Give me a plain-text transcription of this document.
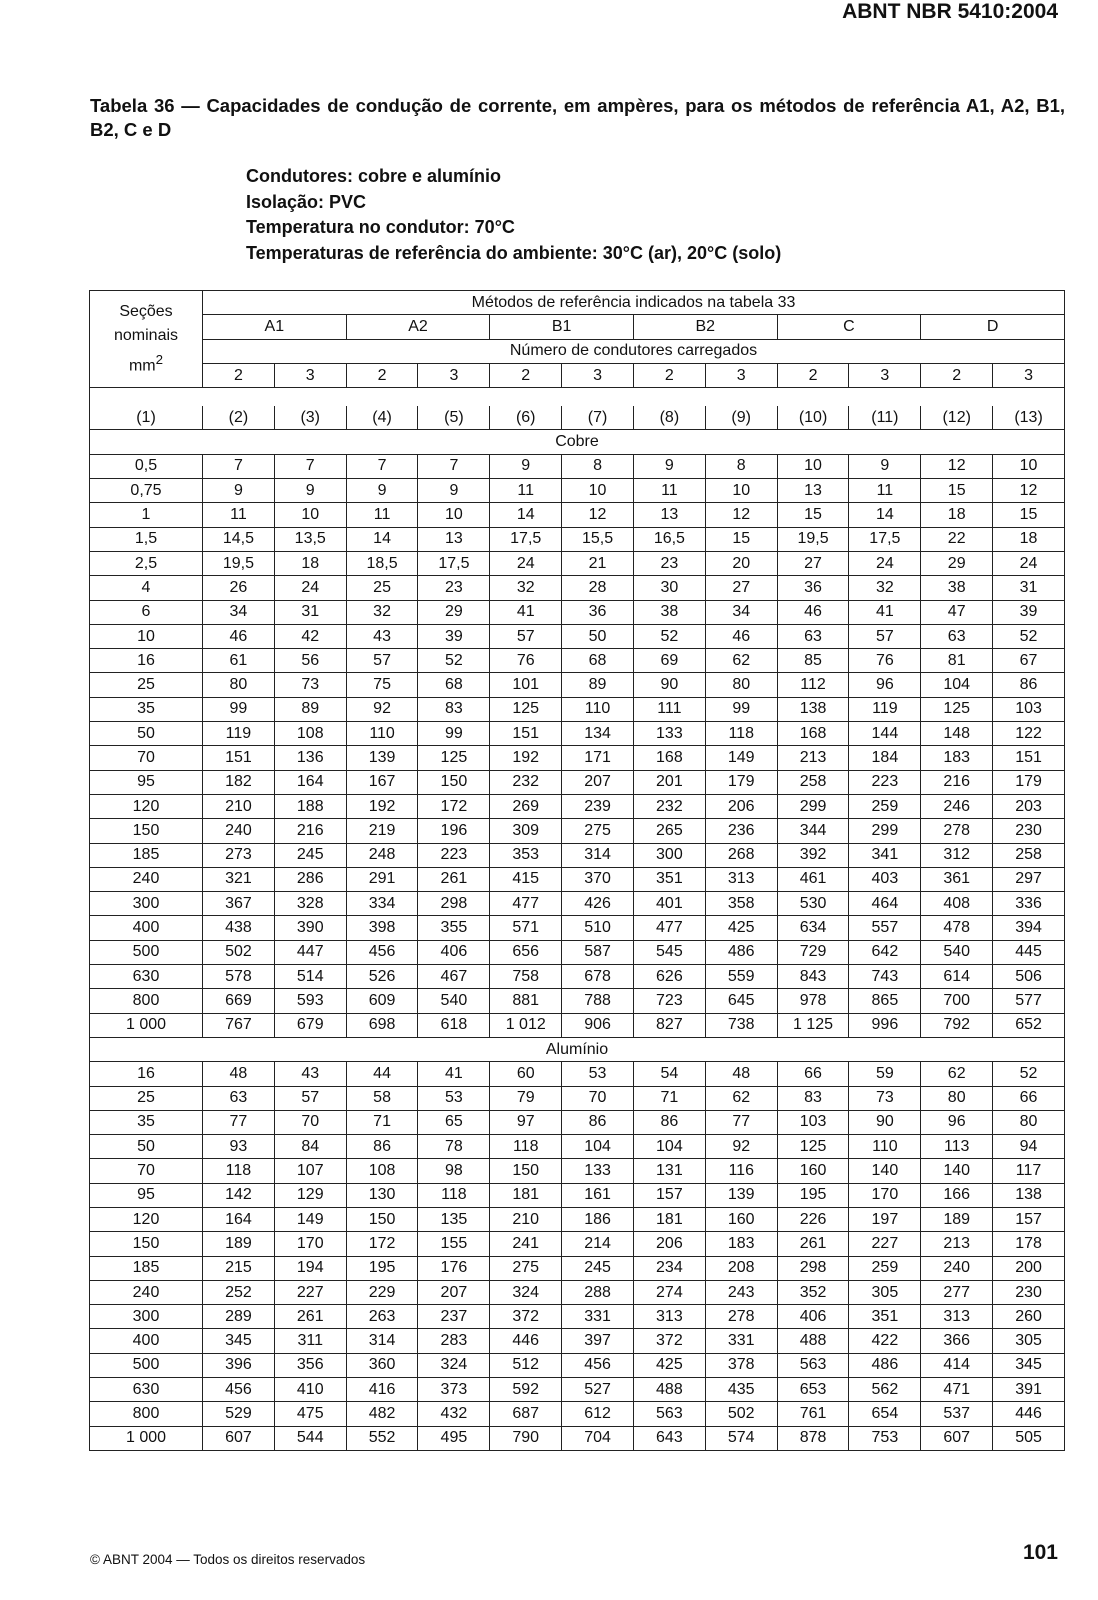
ABNT NBR 5410:2004
Tabela 36 — Capacidades de condução de corrente, em ampères, para os métodos de referência A1, A2, B1, B2, C e D
Condutores: cobre e alumínio
Isolação: PVC
Temperatura no condutor: 70°C
Temperaturas de referência do ambiente: 30°C (ar), 20°C (solo)
Seções
nominais
$mm^2$	Métodos de referência indicados na tabela 33											
	A1		A2		B1		B2		C		D	
	Número de condutores carregados											
	2	3	2	3	2	3	2	3	2	3	2	3

(1)	(2)	(3)	(4)	(5)	(6)	(7)	(8)	(9)	(10)	(11)	(12)	(13)
Cobre												
0,5	7	7	7	7	9	8	9	8	10	9	12	10
0,75	9	9	9	9	11	10	11	10	13	11	15	12
1	11	10	11	10	14	12	13	12	15	14	18	15
1,5	14,5	13,5	14	13	17,5	15,5	16,5	15	19,5	17,5	22	18
2,5	19,5	18	18,5	17,5	24	21	23	20	27	24	29	24
4	26	24	25	23	32	28	30	27	36	32	38	31
6	34	31	32	29	41	36	38	34	46	41	47	39
10	46	42	43	39	57	50	52	46	63	57	63	52
16	61	56	57	52	76	68	69	62	85	76	81	67
25	80	73	75	68	101	89	90	80	112	96	104	86
35	99	89	92	83	125	110	111	99	138	119	125	103
50	119	108	110	99	151	134	133	118	168	144	148	122
70	151	136	139	125	192	171	168	149	213	184	183	151
95	182	164	167	150	232	207	201	179	258	223	216	179
120	210	188	192	172	269	239	232	206	299	259	246	203
150	240	216	219	196	309	275	265	236	344	299	278	230
185	273	245	248	223	353	314	300	268	392	341	312	258
240	321	286	291	261	415	370	351	313	461	403	361	297
300	367	328	334	298	477	426	401	358	530	464	408	336
400	438	390	398	355	571	510	477	425	634	557	478	394
500	502	447	456	406	656	587	545	486	729	642	540	445
630	578	514	526	467	758	678	626	559	843	743	614	506
800	669	593	609	540	881	788	723	645	978	865	700	577
1 000	767	679	698	618	1 012	906	827	738	1 125	996	792	652
Alumínio												
16	48	43	44	41	60	53	54	48	66	59	62	52
25	63	57	58	53	79	70	71	62	83	73	80	66
35	77	70	71	65	97	86	86	77	103	90	96	80
50	93	84	86	78	118	104	104	92	125	110	113	94
70	118	107	108	98	150	133	131	116	160	140	140	117
95	142	129	130	118	181	161	157	139	195	170	166	138
120	164	149	150	135	210	186	181	160	226	197	189	157
150	189	170	172	155	241	214	206	183	261	227	213	178
185	215	194	195	176	275	245	234	208	298	259	240	200
240	252	227	229	207	324	288	274	243	352	305	277	230
300	289	261	263	237	372	331	313	278	406	351	313	260
400	345	311	314	283	446	397	372	331	488	422	366	305
500	396	356	360	324	512	456	425	378	563	486	414	345
630	456	410	416	373	592	527	488	435	653	562	471	391
800	529	475	482	432	687	612	563	502	761	654	537	446
1 000	607	544	552	495	790	704	643	574	878	753	607	505
© ABNT 2004 — Todos os direitos reservados	101
